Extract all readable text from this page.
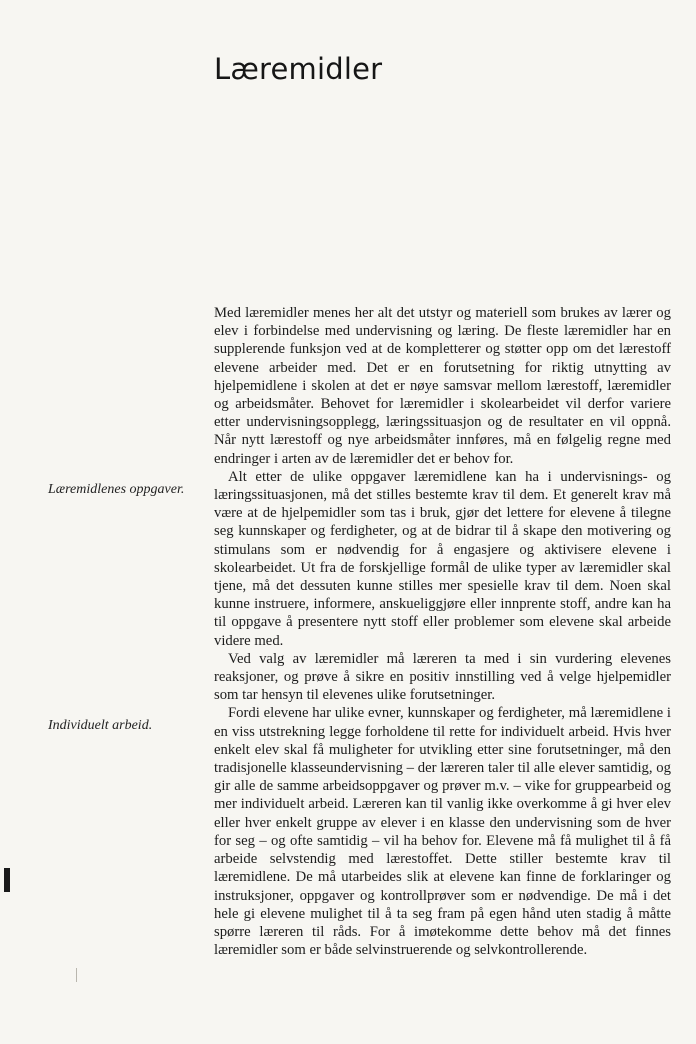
Læremidler
Læremidlenes oppgaver.
Individuelt arbeid.

Med læremidler menes her alt det utstyr og materiell som brukes av lærer og elev i forbindelse med undervisning og læring. De fleste læremidler har en supplerende funksjon ved at de kompletterer og støtter opp om det lærestoff elevene arbeider med. Det er en forutsetning for riktig utnytting av hjelpemidlene i skolen at det er nøye samsvar mellom lærestoff, læremidler og arbeidsmåter. Behovet for læremidler i skolearbeidet vil derfor variere etter undervisningsopplegg, læringssituasjon og de resultater en vil oppnå. Når nytt lærestoff og nye arbeidsmåter innføres, må en følgelig regne med endringer i arten av de læremidler det er behov for.

Alt etter de ulike oppgaver læremidlene kan ha i undervisnings- og læringssituasjonen, må det stilles bestemte krav til dem. Et generelt krav må være at de hjelpemidler som tas i bruk, gjør det lettere for elevene å tilegne seg kunnskaper og ferdigheter, og at de bidrar til å skape den motivering og stimulans som er nødvendig for å engasjere og aktivisere elevene i skolearbeidet. Ut fra de forskjellige formål de ulike typer av læremidler skal tjene, må det dessuten kunne stilles mer spesielle krav til dem. Noen skal kunne instruere, informere, anskueliggjøre eller innprente stoff, andre kan ha til oppgave å presentere nytt stoff eller problemer som elevene skal arbeide videre med.

Ved valg av læremidler må læreren ta med i sin vurdering elevenes reaksjoner, og prøve å sikre en positiv innstilling ved å velge hjelpemidler som tar hensyn til elevenes ulike forutsetninger.

Fordi elevene har ulike evner, kunnskaper og ferdigheter, må læremidlene i en viss utstrekning legge forholdene til rette for individuelt arbeid. Hvis hver enkelt elev skal få muligheter for utvikling etter sine forutsetninger, må den tradisjonelle klasseundervisning – der læreren taler til alle elever samtidig, og gir alle de samme arbeidsoppgaver og prøver m.v. – vike for gruppearbeid og mer individuelt arbeid. Læreren kan til vanlig ikke overkomme å gi hver elev eller hver enkelt gruppe av elever i en klasse den undervisning som de hver for seg – og ofte samtidig – vil ha behov for. Elevene må få mulighet til å få arbeide selvstendig med lærestoffet. Dette stiller bestemte krav til læremidlene. De må utarbeides slik at elevene kan finne de forklaringer og instruksjoner, oppgaver og kontrollprøver som er nødvendige. De må i det hele gi elevene mulighet til å ta seg fram på egen hånd uten stadig å måtte spørre læreren til råds. For å imøtekomme dette behov må det finnes læremidler som er både selvinstruerende og selvkontrollerende.
